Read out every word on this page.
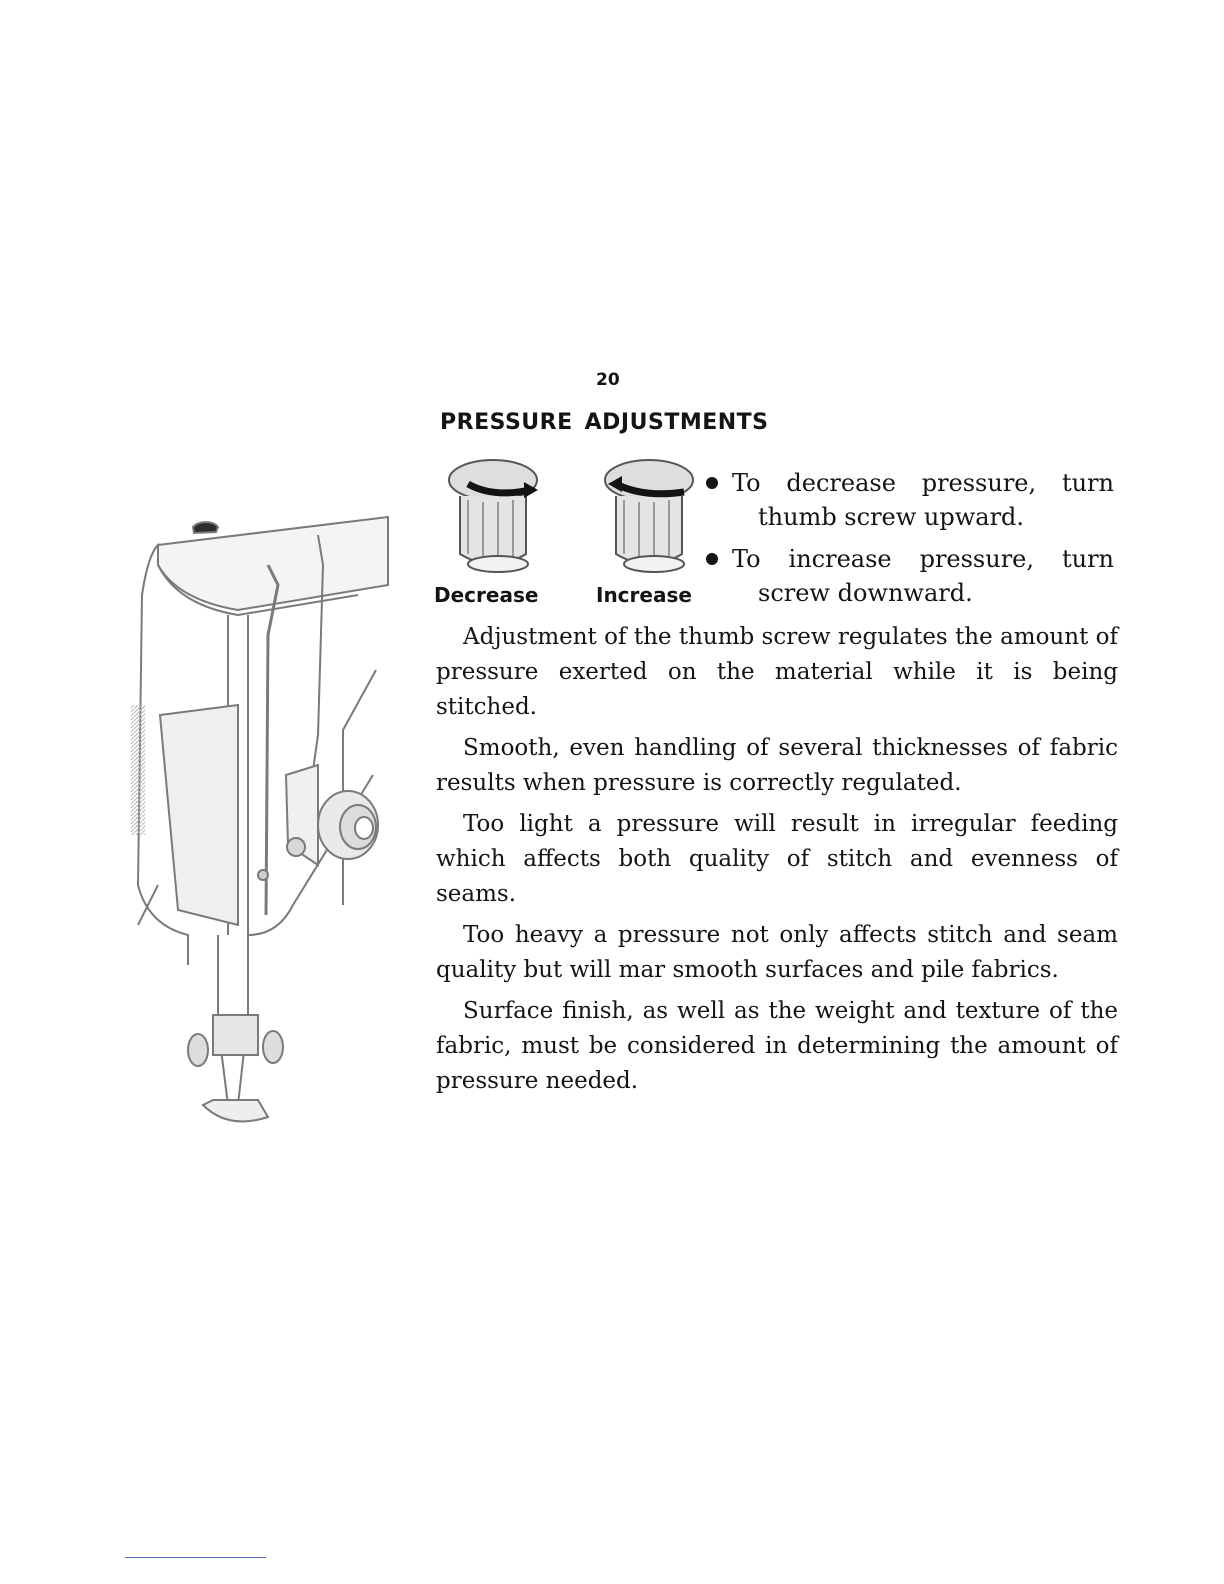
20
PRESSURE ADJUSTMENTS
Decrease	Increase
To decrease pressure, turn
thumb screw upward.
To increase pressure, turn
screw downward.

Adjustment of the thumb screw regulates the amount of pressure exerted on the material while it is being stitched.

Smooth, even handling of several thicknesses of fabric results when pressure is correctly regulated.

Too light a pressure will result in irregular feeding which affects both quality of stitch and evenness of seams.

Too heavy a pressure not only affects stitch and seam quality but will mar smooth surfaces and pile fabrics.

Surface finish, as well as the weight and texture of the fabric, must be considered in determining the amount of pressure needed.
